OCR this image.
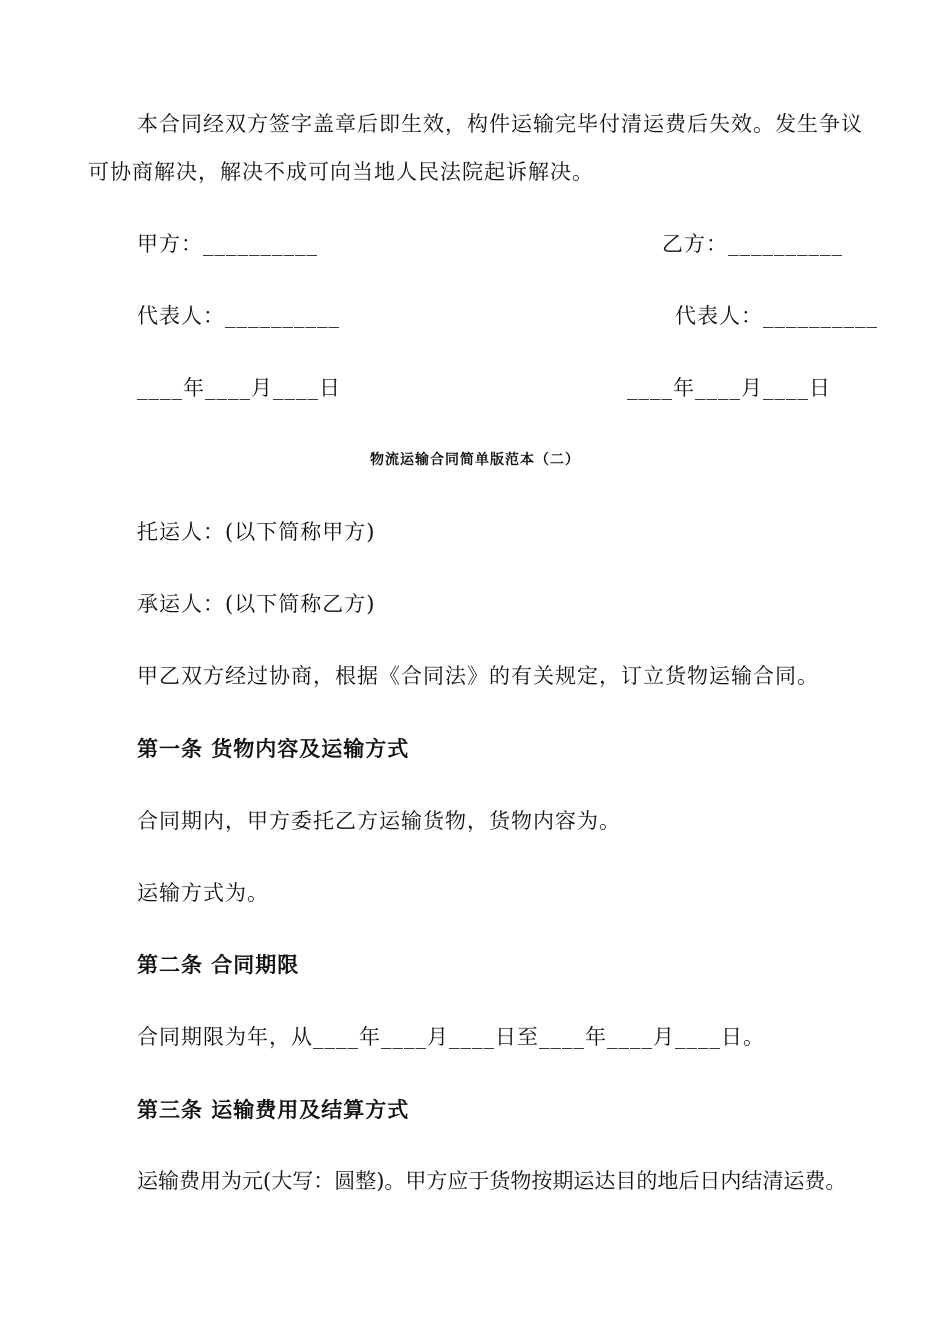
本合同经双方签字盖章后即生效，构件运输完毕付清运费后失效。发生争议
可协商解决，解决不成可向当地人民法院起诉解决。
甲方：__________	乙方：__________
代表人：__________	代表人：__________
____年____月____日	____年____月____日
物流运输合同简单版范本（二）
托运人：(以下简称甲方)
承运人：(以下简称乙方)
甲乙双方经过协商，根据《合同法》的有关规定，订立货物运输合同。
第一条 货物内容及运输方式
合同期内，甲方委托乙方运输货物，货物内容为。
运输方式为。
第二条 合同期限
合同期限为年，从____年____月____日至____年____月____日。
第三条 运输费用及结算方式
运输费用为元(大写：圆整)。甲方应于货物按期运达目的地后日内结清运费。
